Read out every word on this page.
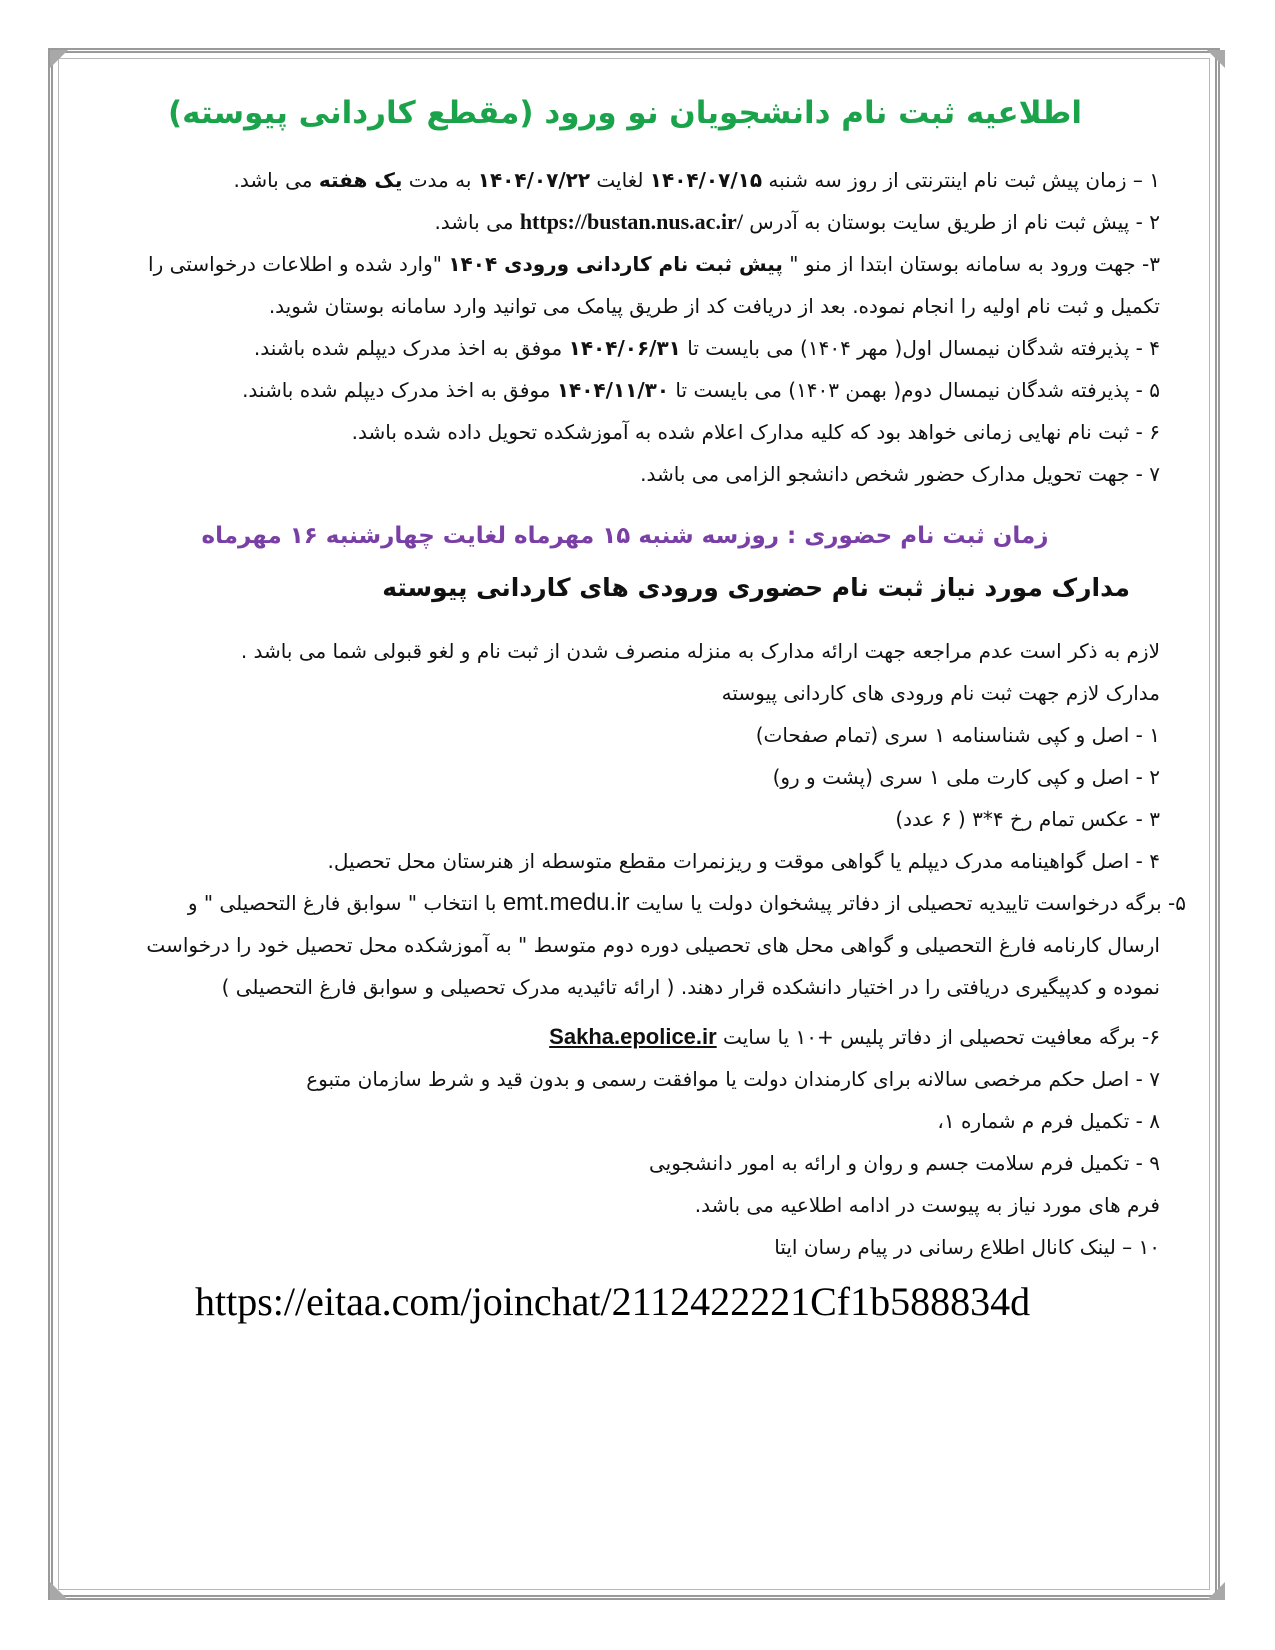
اطلاعیه ثبت نام دانشجویان نو ورود (مقطع کاردانی پیوسته)

۱ – زمان پیش ثبت نام اینترنتی از روز سه شنبه ۱۴۰۴/۰۷/۱۵ لغایت ۱۴۰۴/۰۷/۲۲ به مدت یک هفته می باشد.

۲ - پیش ثبت نام از طریق سایت بوستان به آدرس https://bustan.nus.ac.ir/ می باشد.

۳- جهت ورود به سامانه بوستان ابتدا از منو " پیش ثبت نام کاردانی ورودی ۱۴۰۴ "وارد شده و اطلاعات درخواستی را

تکمیل و ثبت نام اولیه را انجام نموده. بعد از دریافت کد از طریق پیامک می توانید وارد سامانه بوستان شوید.

۴ - پذیرفته شدگان نیمسال اول( مهر ۱۴۰۴) می بایست تا ۱۴۰۴/۰۶/۳۱ موفق به اخذ مدرک دیپلم شده باشند.

۵ - پذیرفته شدگان نیمسال دوم( بهمن ۱۴۰۳) می بایست تا ۱۴۰۴/۱۱/۳۰ موفق به اخذ مدرک دیپلم شده باشند.

۶ - ثبت نام نهایی زمانی خواهد بود که کلیه مدارک اعلام شده به آموزشکده تحویل داده شده باشد.

۷ - جهت تحویل مدارک حضور شخص دانشجو الزامی می باشد.

زمان ثبت نام حضوری : روزسه شنبه ۱۵ مهرماه لغایت چهارشنبه ۱۶ مهرماه
مدارک مورد نیاز ثبت نام حضوری ورودی های کاردانی پیوسته

لازم به ذکر است عدم مراجعه جهت ارائه مدارک به منزله منصرف شدن از ثبت نام و لغو قبولی شما می باشد .

مدارک لازم جهت ثبت نام ورودی های کاردانی پیوسته

۱ - اصل و کپی شناسنامه ۱ سری (تمام صفحات)

۲ - اصل و کپی کارت ملی ۱ سری (پشت و رو)

۳ - عکس تمام رخ ۴*۳ ( ۶ عدد)

۴ - اصل گواهینامه مدرک دیپلم یا گواهی موقت و ریزنمرات مقطع متوسطه از هنرستان محل تحصیل.

۵- برگه درخواست تاییدیه تحصیلی از دفاتر پیشخوان دولت یا سایت emt.medu.ir با انتخاب " سوابق فارغ التحصیلی " و

ارسال کارنامه فارغ التحصیلی و گواهی محل های تحصیلی دوره دوم متوسط " به آموزشکده محل تحصیل خود را درخواست

نموده و کدپیگیری دریافتی را در اختیار دانشکده قرار دهند. ( ارائه تائیدیه مدرک تحصیلی و سوابق فارغ التحصیلی )

۶- برگه معافیت تحصیلی از دفاتر پلیس +۱۰ یا سایت Sakha.epolice.ir

۷ - اصل حکم مرخصی سالانه برای کارمندان دولت یا موافقت رسمی و بدون قید و شرط سازمان متبوع

۸ - تکمیل فرم م شماره ۱،

۹ - تکمیل فرم سلامت جسم و روان و ارائه به امور دانشجویی

فرم های مورد نیاز به پیوست در ادامه اطلاعیه می باشد.

۱۰ – لینک کانال اطلاع رسانی در پیام رسان ایتا

https://eitaa.com/joinchat/2112422221Cf1b588834d
